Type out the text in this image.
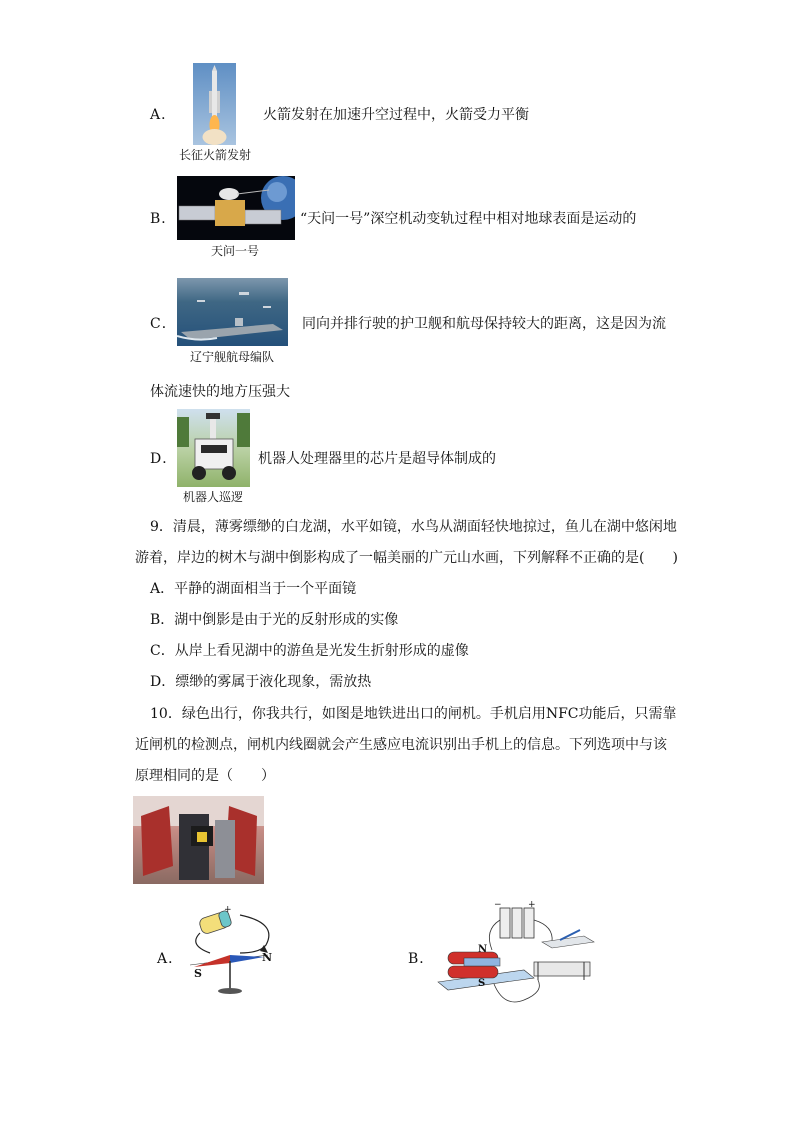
A．
长征火箭发射
火箭发射在加速升空过程中，火箭受力平衡
B．
天问一号
“天问一号”深空机动变轨过程中相对地球表面是运动的
C．
辽宁舰航母编队
同向并排行驶的护卫舰和航母保持较大的距离，这是因为流
体流速快的地方压强大
D．
机器人巡逻
机器人处理器里的芯片是超导体制成的
9．清晨，薄雾缥缈的白龙湖，水平如镜，水鸟从湖面轻快地掠过，鱼儿在湖中悠闲地
游着，岸边的树木与湖中倒影构成了一幅美丽的广元山水画，下列解释不正确的是(　　)
A．平静的湖面相当于一个平面镜
B．湖中倒影是由于光的反射形成的实像
C．从岸上看见湖中的游鱼是光发生折射形成的虚像
D．缥缈的雾属于液化现象，需放热
10．绿色出行，你我共行，如图是地铁进出口的闸机。手机启用NFC功能后，只需靠
近闸机的检测点，闸机内线圈就会产生感应电流识别出手机上的信息。下列选项中与该
原理相同的是（　　）
A．
S
N
+
B．
N
S
−	+
